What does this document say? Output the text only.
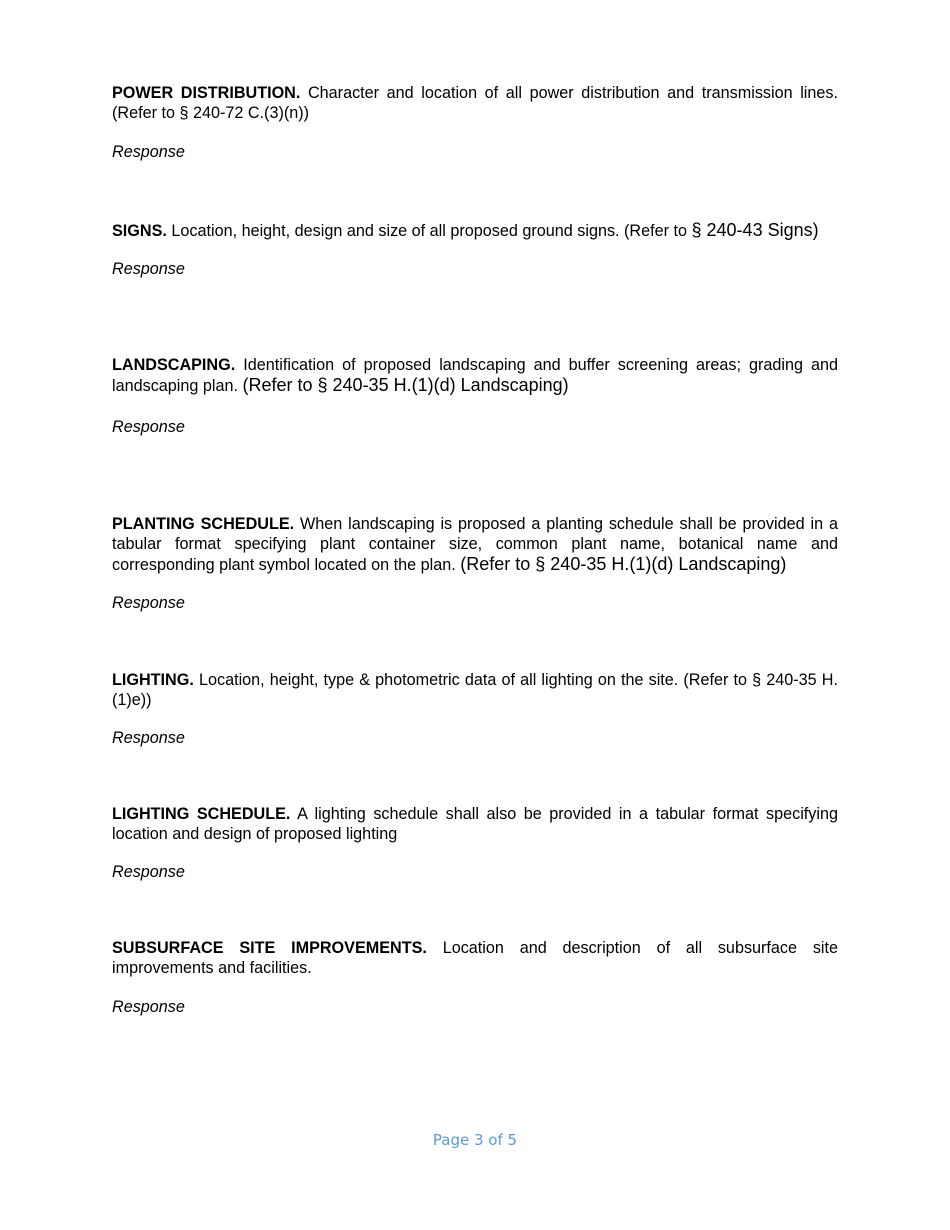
POWER DISTRIBUTION. Character and location of all power distribution and transmission lines. (Refer to § 240-72 C.(3)(n))

Response

SIGNS. Location, height, design and size of all proposed ground signs. (Refer to § 240-43 Signs)

Response

LANDSCAPING. Identification of proposed landscaping and buffer screening areas; grading and landscaping plan. (Refer to § 240-35 H.(1)(d) Landscaping)

Response

PLANTING SCHEDULE. When landscaping is proposed a planting schedule shall be provided in a tabular format specifying plant container size, common plant name, botanical name and corresponding plant symbol located on the plan. (Refer to § 240-35 H.(1)(d) Landscaping)

Response

LIGHTING. Location, height, type & photometric data of all lighting on the site. (Refer to § 240-35 H.(1)e))

Response

LIGHTING SCHEDULE. A lighting schedule shall also be provided in a tabular format specifying location and design of proposed lighting

Response

SUBSURFACE SITE IMPROVEMENTS. Location and description of all subsurface site improvements and facilities.

Response

Page 3 of 5
